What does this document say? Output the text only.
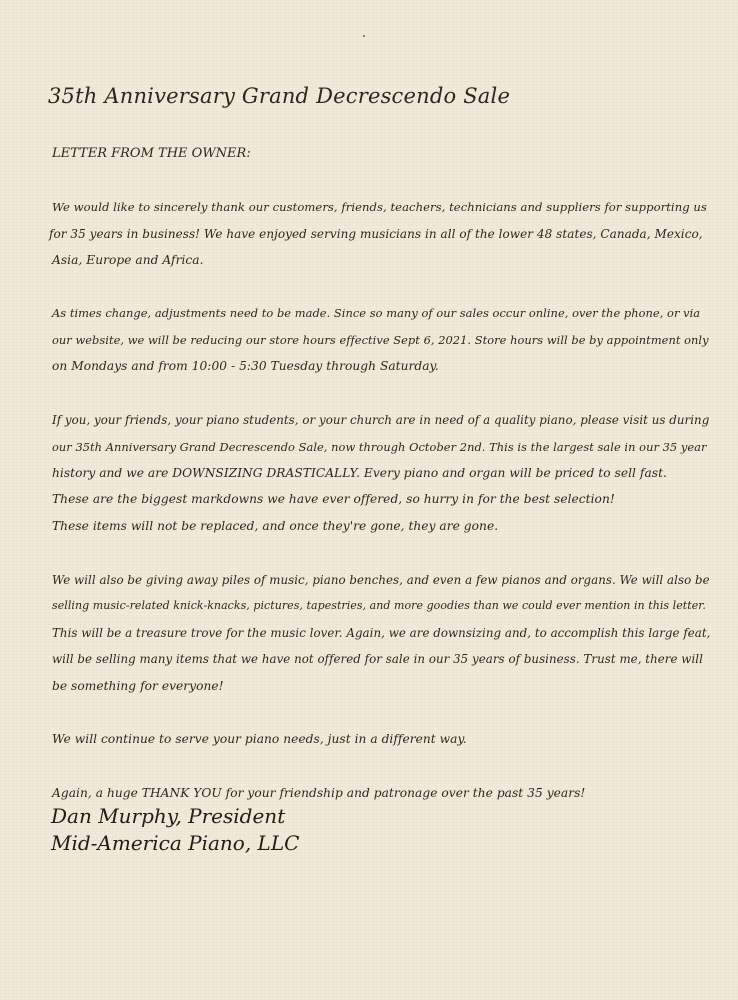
35th Anniversary Grand Decrescendo Sale
LETTER FROM THE OWNER:
We would like to sincerely thank our customers, friends, teachers, technicians and suppliers for supporting us
for 35 years in business! We have enjoyed serving musicians in all of the lower 48 states, Canada, Mexico,
Asia, Europe and Africa.
As times change, adjustments need to be made. Since so many of our sales occur online, over the phone, or via
our website, we will be reducing our store hours effective Sept 6, 2021. Store hours will be by appointment only
on Mondays and from 10:00 - 5:30 Tuesday through Saturday.
If you, your friends, your piano students, or your church are in need of a quality piano, please visit us during
our 35th Anniversary Grand Decrescendo Sale, now through October 2nd. This is the largest sale in our 35 year
history and we are DOWNSIZING DRASTICALLY. Every piano and organ will be priced to sell fast.
These are the biggest markdowns we have ever offered, so hurry in for the best selection!
These items will not be replaced, and once they're gone, they are gone.
We will also be giving away piles of music, piano benches, and even a few pianos and organs. We will also be
selling music-related knick-knacks, pictures, tapestries, and more goodies than we could ever mention in this letter.
This will be a treasure trove for the music lover. Again, we are downsizing and, to accomplish this large feat,
will be selling many items that we have not offered for sale in our 35 years of business. Trust me, there will
be something for everyone!
We will continue to serve your piano needs, just in a different way.
Again, a huge THANK YOU for your friendship and patronage over the past 35 years!
Dan Murphy, President
Mid-America Piano, LLC
